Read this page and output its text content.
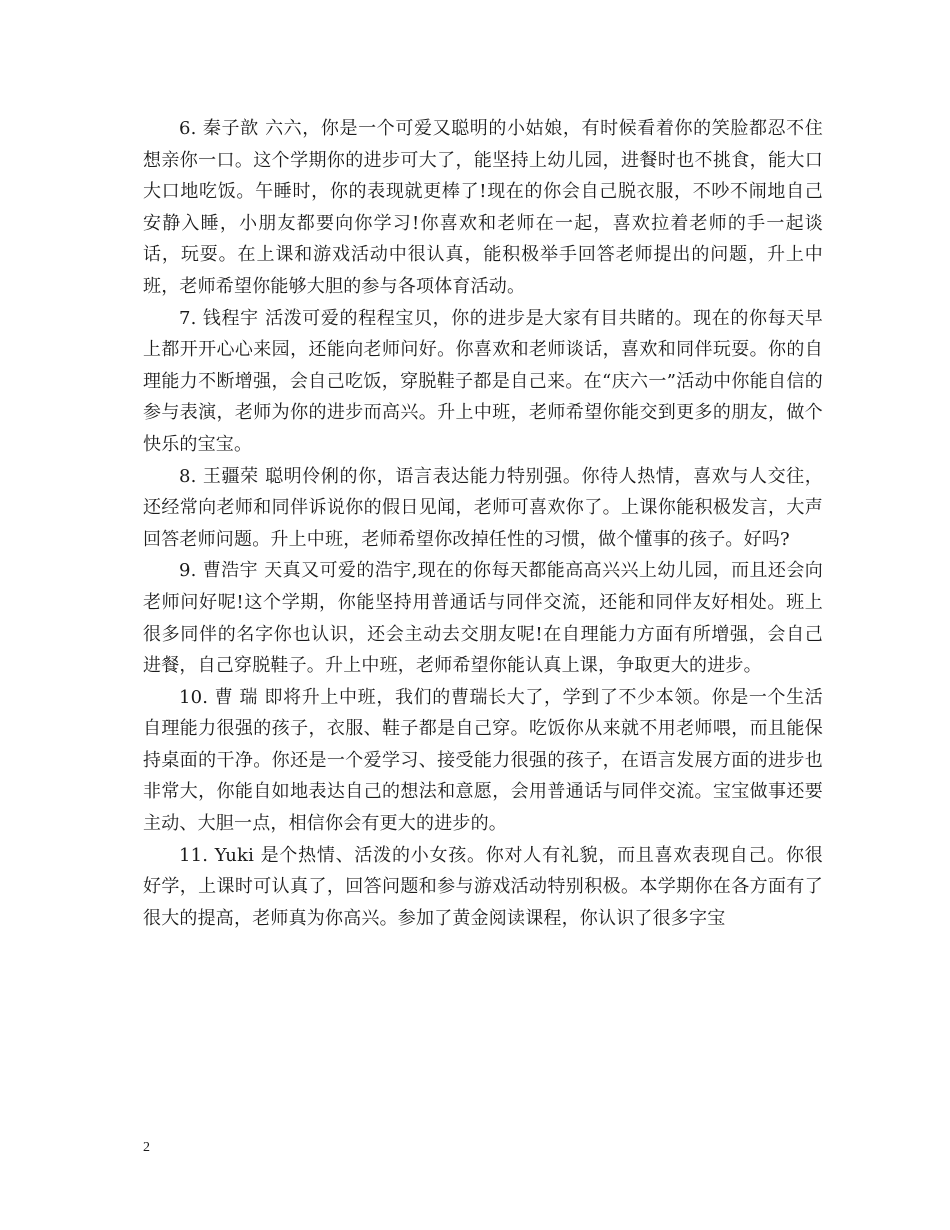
6. 秦子歆 六六，你是一个可爱又聪明的小姑娘，有时候看着你的笑脸都忍不住想亲你一口。这个学期你的进步可大了，能坚持上幼儿园，进餐时也不挑食，能大口大口地吃饭。午睡时，你的表现就更棒了!现在的你会自己脱衣服，不吵不闹地自己安静入睡，小朋友都要向你学习!你喜欢和老师在一起，喜欢拉着老师的手一起谈话，玩耍。在上课和游戏活动中很认真，能积极举手回答老师提出的问题，升上中班，老师希望你能够大胆的参与各项体育活动。

7. 钱程宇 活泼可爱的程程宝贝，你的进步是大家有目共睹的。现在的你每天早上都开开心心来园，还能向老师问好。你喜欢和老师谈话，喜欢和同伴玩耍。你的自理能力不断增强，会自己吃饭，穿脱鞋子都是自己来。在“庆六一”活动中你能自信的参与表演，老师为你的进步而高兴。升上中班，老师希望你能交到更多的朋友，做个快乐的宝宝。

8. 王疆荣 聪明伶俐的你，语言表达能力特别强。你待人热情，喜欢与人交往，还经常向老师和同伴诉说你的假日见闻，老师可喜欢你了。上课你能积极发言，大声回答老师问题。升上中班，老师希望你改掉任性的习惯，做个懂事的孩子。好吗?

9. 曹浩宇 天真又可爱的浩宇,现在的你每天都能高高兴兴上幼儿园，而且还会向老师问好呢!这个学期，你能坚持用普通话与同伴交流，还能和同伴友好相处。班上很多同伴的名字你也认识，还会主动去交朋友呢!在自理能力方面有所增强，会自己进餐，自己穿脱鞋子。升上中班，老师希望你能认真上课，争取更大的进步。

10. 曹 瑞 即将升上中班，我们的曹瑞长大了，学到了不少本领。你是一个生活自理能力很强的孩子，衣服、鞋子都是自己穿。吃饭你从来就不用老师喂，而且能保持桌面的干净。你还是一个爱学习、接受能力很强的孩子，在语言发展方面的进步也非常大，你能自如地表达自己的想法和意愿，会用普通话与同伴交流。宝宝做事还要主动、大胆一点，相信你会有更大的进步的。

11. Yuki 是个热情、活泼的小女孩。你对人有礼貌，而且喜欢表现自己。你很好学，上课时可认真了，回答问题和参与游戏活动特别积极。本学期你在各方面有了很大的提高，老师真为你高兴。参加了黄金阅读课程，你认识了很多字宝

2
